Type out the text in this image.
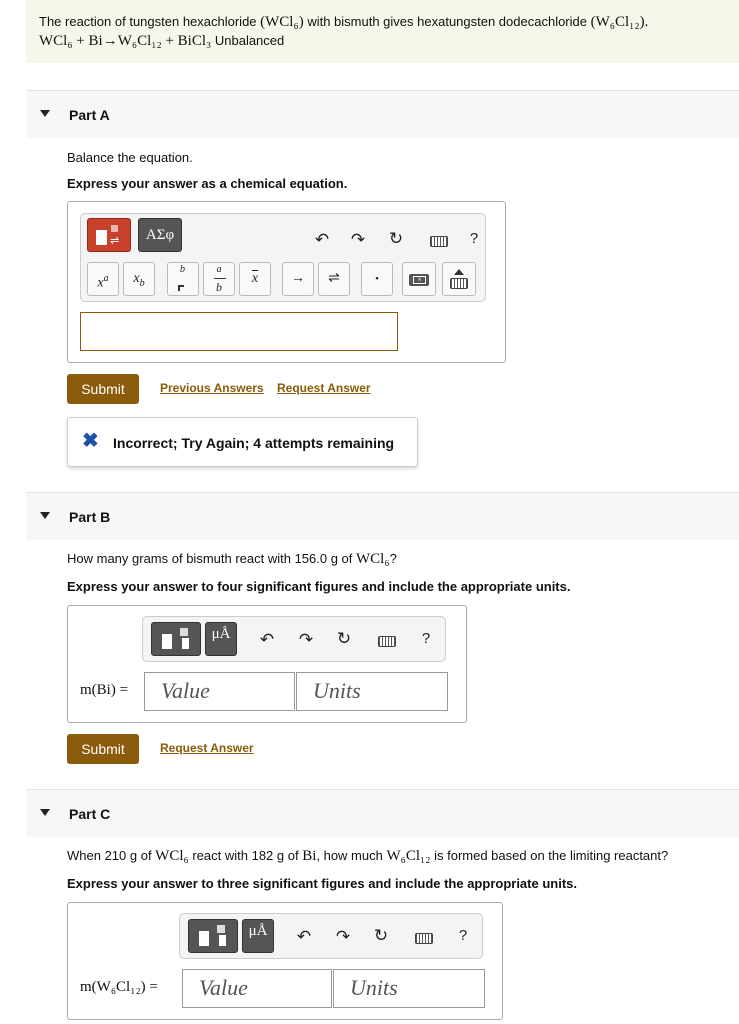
The reaction of tungsten hexachloride (WCl₆) with bismuth gives hexatungsten dodecachloride (W₆Cl₁₂).
WCl₆ + Bi→W₆Cl₁₂ + BiCl₃ Unbalanced
Part A
Balance the equation.
Express your answer as a chemical equation.
⇌	ΑΣφ	↶ ↷ ↻	?
$x^a$	$x_b$
b	a
b
$\overline{x}$	→	⇌	•	×
Submit	Previous Answers Request Answer
✖ Incorrect; Try Again; 4 attempts remaining
Part B
How many grams of bismuth react with 156.0 g of WCl₆?
Express your answer to four significant figures and include the appropriate units.
μÅ	↶ ↷ ↻	?
m(Bi) =	Value	Units
Submit	Request Answer
Part C
When 210 g of WCl₆ react with 182 g of Bi, how much W₆Cl₁₂ is formed based on the limiting reactant?
Express your answer to three significant figures and include the appropriate units.
μÅ	↶ ↷ ↻	?
m(W₆Cl₁₂) =	Value	Units
